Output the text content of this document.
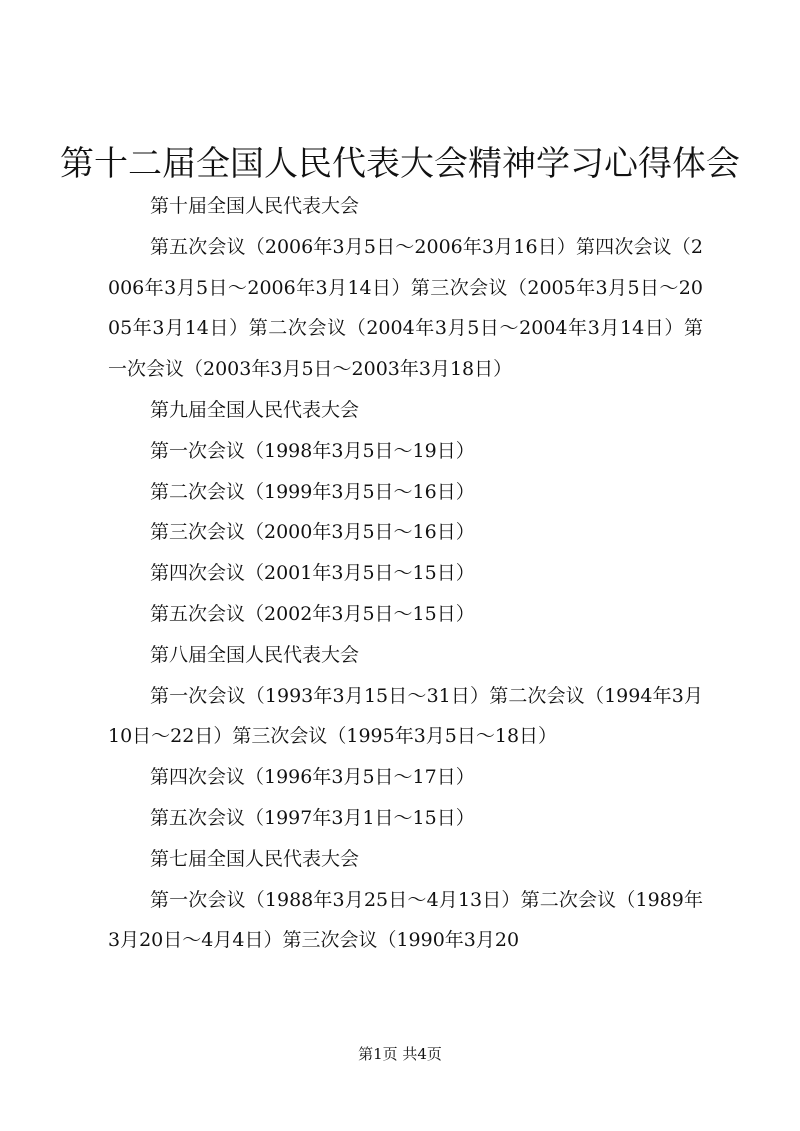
第十二届全国人民代表大会精神学习心得体会

第十届全国人民代表大会

第五次会议（2006年3月5日～2006年3月16日）第四次会议（2006年3月5日～2006年3月14日）第三次会议（2005年3月5日～2005年3月14日）第二次会议（2004年3月5日～2004年3月14日）第一次会议（2003年3月5日～2003年3月18日）

第九届全国人民代表大会

第一次会议（1998年3月5日～19日）

第二次会议（1999年3月5日～16日）

第三次会议（2000年3月5日～16日）

第四次会议（2001年3月5日～15日）

第五次会议（2002年3月5日～15日）

第八届全国人民代表大会

第一次会议（1993年3月15日～31日）第二次会议（1994年3月10日～22日）第三次会议（1995年3月5日～18日）

第四次会议（1996年3月5日～17日）

第五次会议（1997年3月1日～15日）

第七届全国人民代表大会

第一次会议（1988年3月25日～4月13日）第二次会议（1989年3月20日～4月4日）第三次会议（1990年3月20

第1页 共4页
